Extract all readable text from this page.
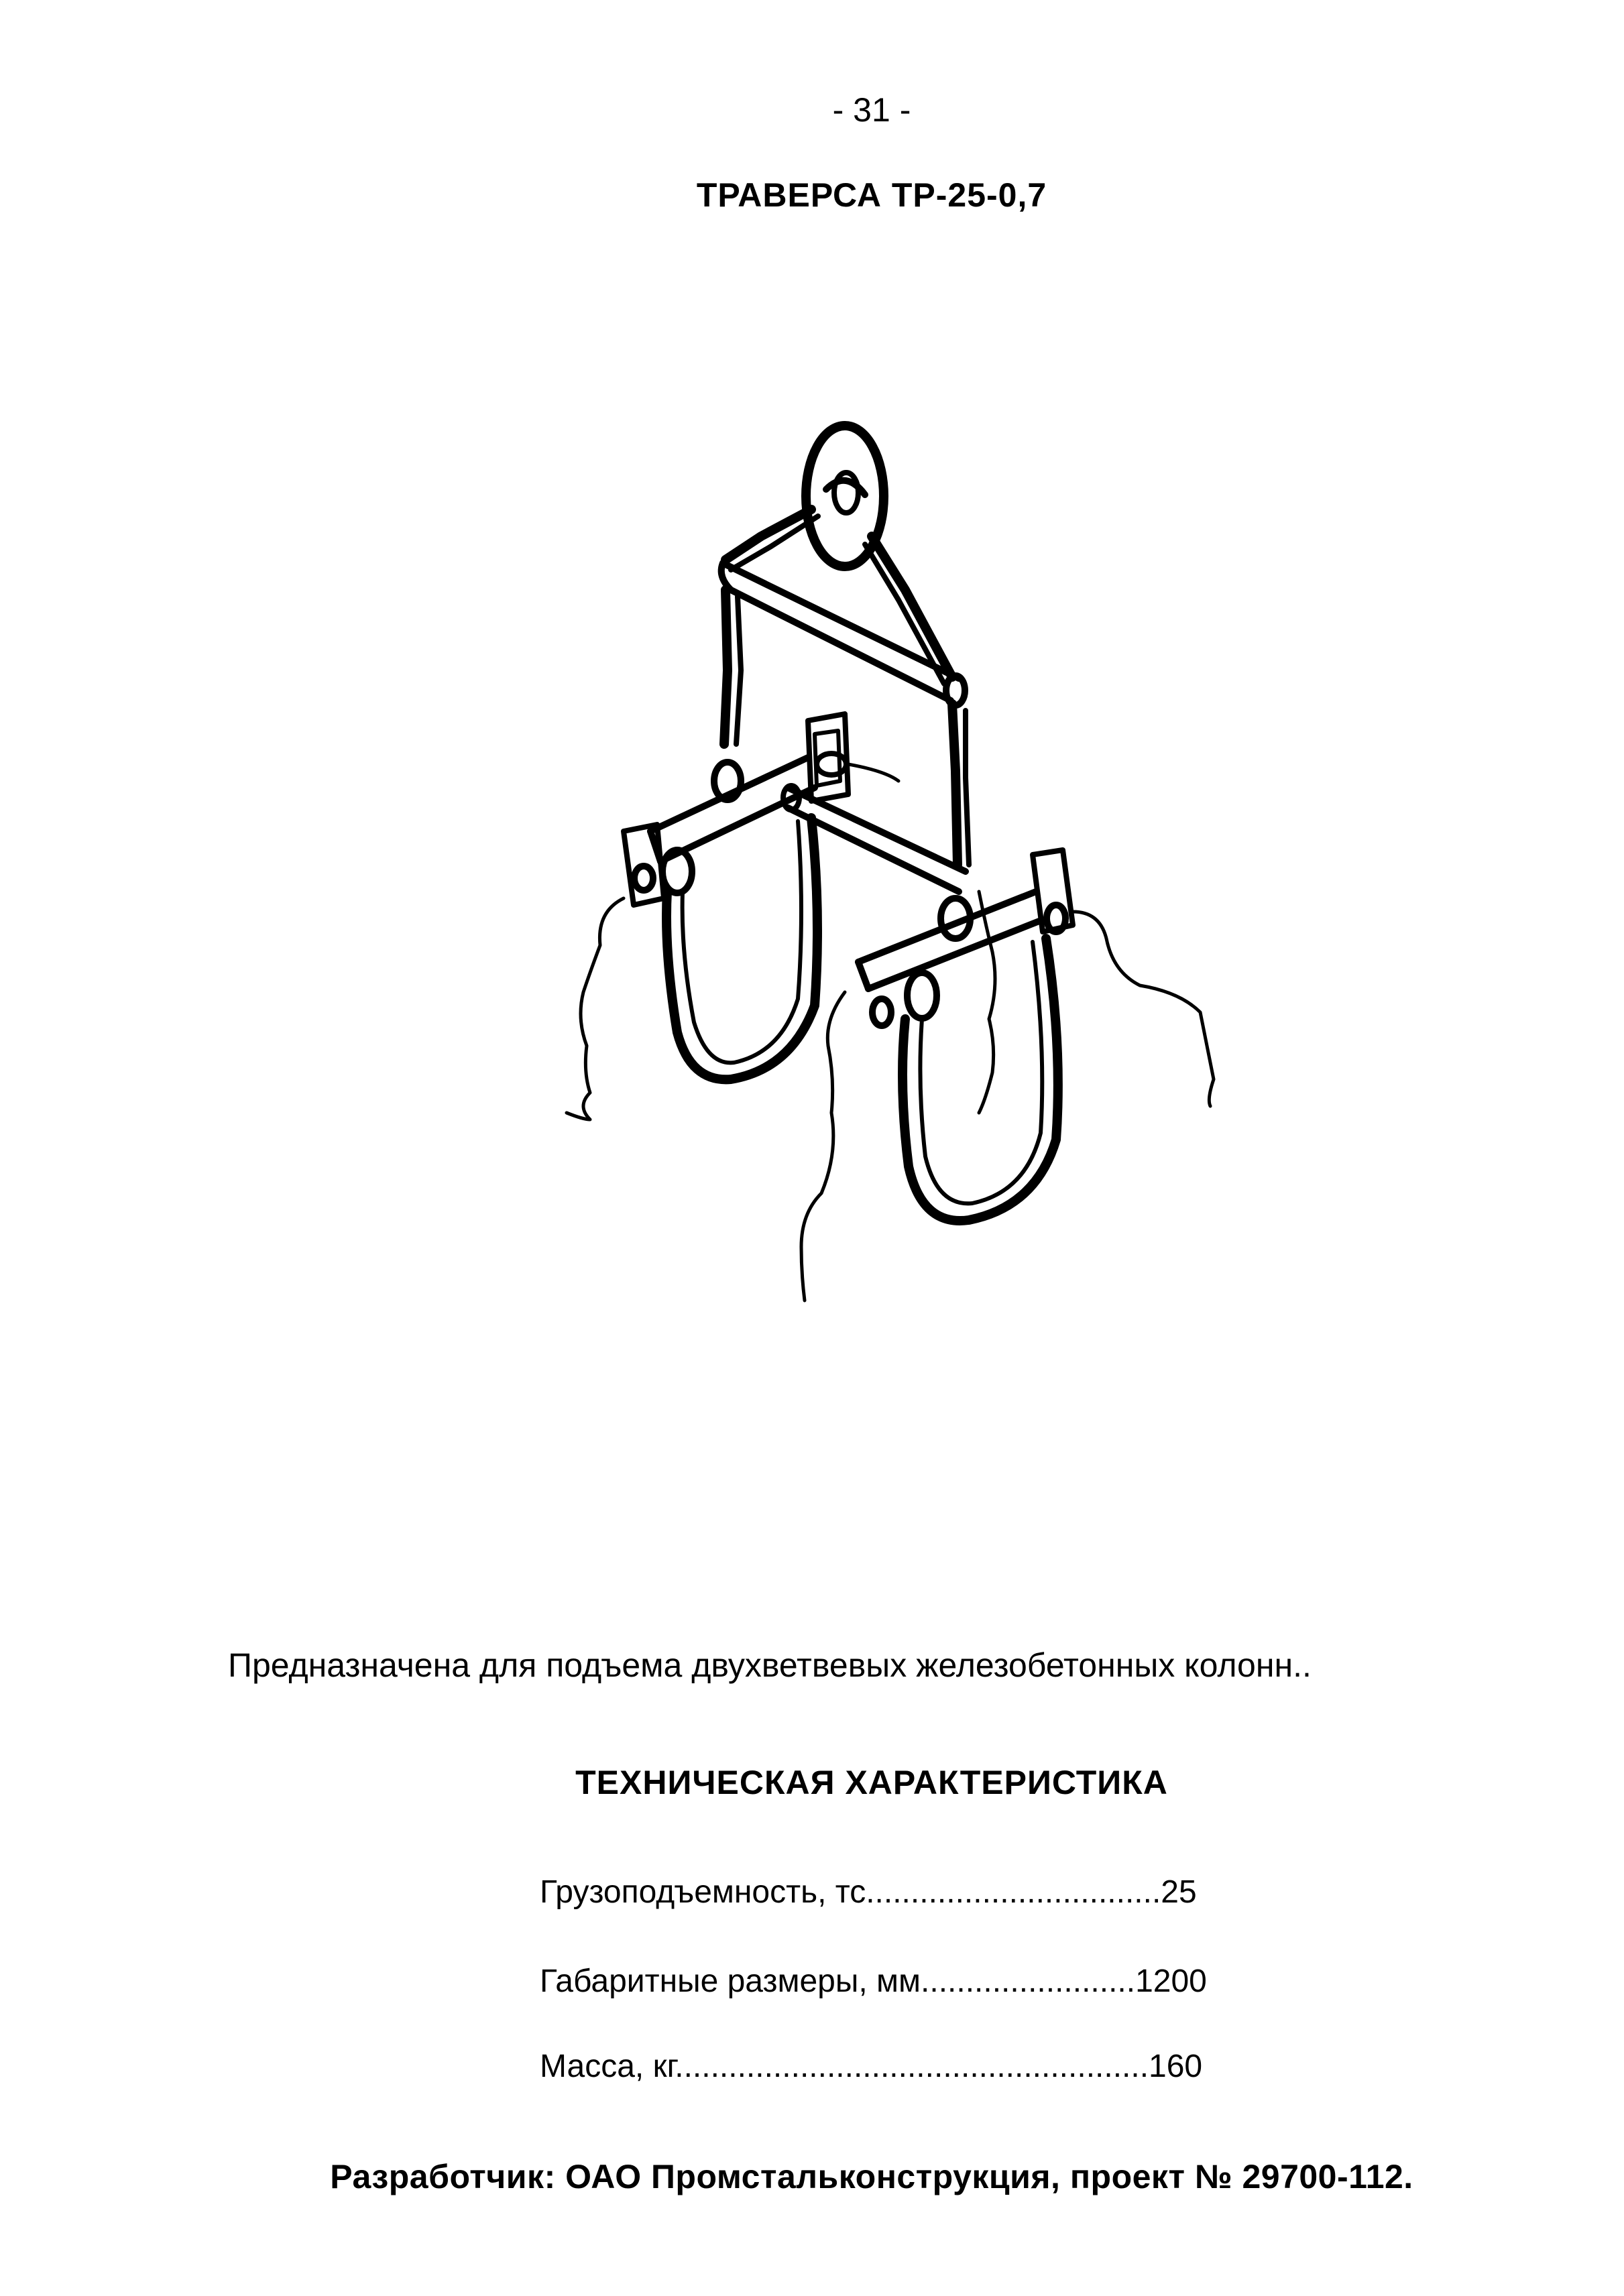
- 31 -
ТРАВЕРСА ТР-25-0,7
Предназначена для подъема двухветвевых железобетонных колонн..
ТЕХНИЧЕСКАЯ ХАРАКТЕРИСТИКА
Грузоподъемность, тс.................................25
Габаритные размеры, мм........................1200
Масса, кг.....................................................160
Разработчик: ОАО Промстальконструкция, проект № 29700-112.
